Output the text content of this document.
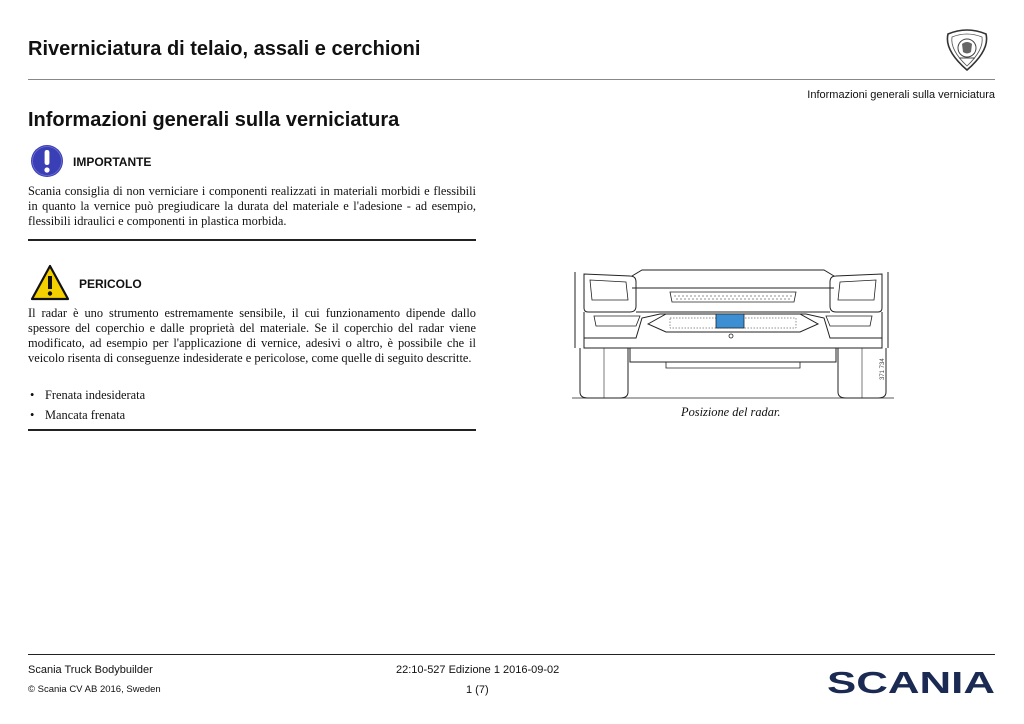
Riverniciatura di telaio, assali e cerchioni
Informazioni generali sulla verniciatura
Informazioni generali sulla verniciatura
IMPORTANTE
Scania consiglia di non verniciare i componenti realizzati in materiali morbidi e flessibili in quanto la vernice può pregiudicare la durata del materiale e l'adesione - ad esempio, flessibili idraulici e componenti in plastica morbida.
PERICOLO
Il radar è uno strumento estremamente sensibile, il cui funzionamento dipende dallo spessore del coperchio e dalle proprietà del materiale. Se il coperchio del radar viene modificato, ad esempio per l'applicazione di vernice, adesivi o altro, è possibile che il veicolo risenta di conseguenze indesiderate e pericolose, come quelle di seguito descritte.
• Frenata indesiderata
• Mancata frenata
371 734
Posizione del radar.
Scania Truck Bodybuilder
© Scania CV AB 2016, Sweden
22:10-527 Edizione 1 2016-09-02
1 (7)	SCANIA
